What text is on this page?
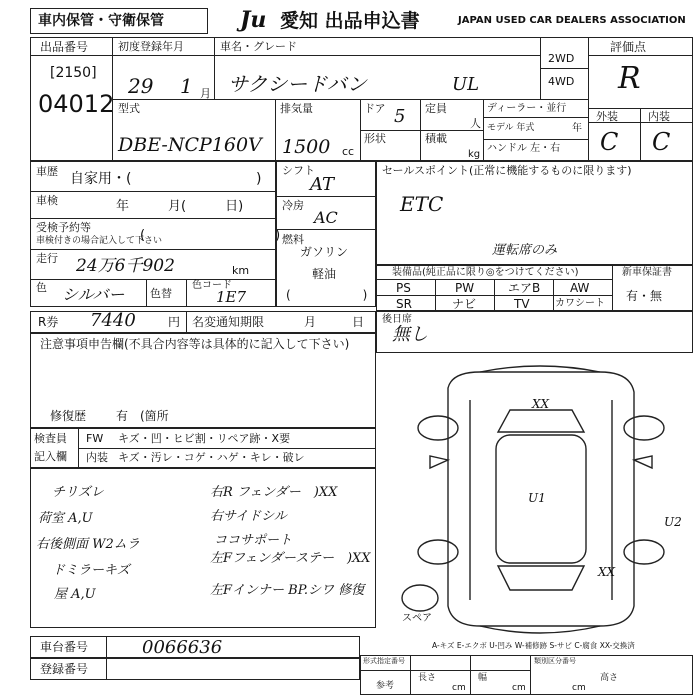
車内保管・守衛保管	Ju 愛知 出品申込書	JAPAN USED CAR DEALERS ASSOCIATION
出品番号
[2150]
04012
初度登録年月
29 1 月
車名・グレード
サクシードバン	UL
2WD
4WD
評価点
R
外装	内装
C C
型式
DBE-NCP160V
排気量
1500 cc
ドア 5 定員
人
形状	積載
kg
ディーラー・並行
モデル 年式	年
ハンドル 左・右
車歴 自家用・(	)
車検	年　　　月(　　　日)
受検予約等
車検付きの場合記入して下さい
(　　　　　　　　　　)
走行 24万6千902	km
色 シルバー 色替
色コード
1E7
シフト
AT
冷房
AC
燃料
ガソリン
軽油
(　　　　　　)
セールスポイント(正常に機能するものに限ります)
ETC
装備品(純正品に限り◎をつけてください)
運転席のみ
PS	PW	エアB AW
SR	ナビ	TV	カワシート
新車保証書
有・無
R券 7440	円 名変通知期限	月	日 後日席
無し
注意事項申告欄(不具合内容等は具体的に記入して下さい)
修復歴 有 (箇所
検査員
記入欄
FW キズ・凹・ヒビ割・リペア跡・X要
内装 キズ・汚レ・コゲ・ハゲ・キレ・破レ
チリズレ	右R フェンダー　)XX
荷室 A,U	右サイドシル
右後側面 W2ムラ	ココサポート
ドミラーキズ
左Fフェンダーステー　)XX
屋 A,U	左Fインナー BP.シワ 修復
XX
U1
U2
XX
スペア
A-キズ E-エクボ U-凹み W-補修跡 S-サビ C-腐食 XX-交換済
車台番号	0066636
登録番号
形式指定番号	類別区分番号
参考
長さ
cm
幅
cm
高さ
cm
